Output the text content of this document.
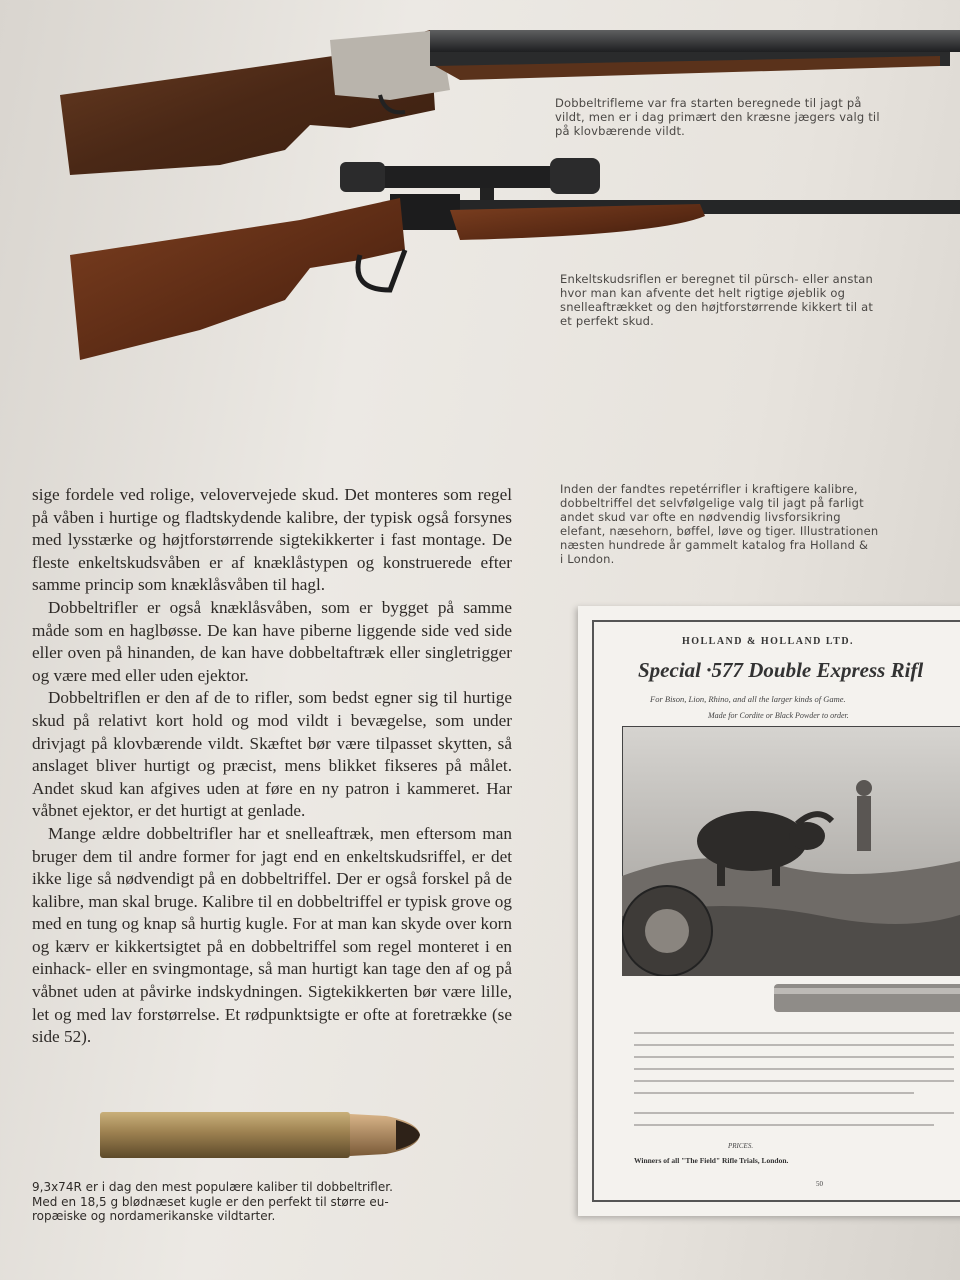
Dobbeltrifleme var fra starten beregnede til jagt på
vildt, men er i dag primært den kræsne jægers valg til
på klovbærende vildt.
Enkeltskudsriflen er beregnet til pürsch- eller anstan
hvor man kan afvente det helt rigtige øjeblik og
snelleaftrækket og den højtforstørrende kikkert til at
et perfekt skud.
Inden der fandtes repetérrifler i kraftigere kalibre,
dobbeltriffel det selvfølgelige valg til jagt på farligt
andet skud var ofte en nødvendig livsforsikring
elefant, næsehorn, bøffel, løve og tiger. Illustrationen
næsten hundrede år gammelt katalog fra Holland &
i London.

sige fordele ved rolige, velovervejede skud. Det monteres som regel på våben i hurtige og fladtskydende kalibre, der typisk også forsynes med lysstærke og højtforstørrende sigtekikkerter i fast montage. De fleste enkeltskudsvåben er af knæklåstypen og konstruerede efter samme princip som knæklåsvåben til hagl.

Dobbeltrifler er også knæklåsvåben, som er bygget på samme måde som en haglbøsse. De kan have piberne liggende side ved side eller oven på hinanden, de kan have dobbeltaftræk eller singletrigger og være med eller uden ejektor.

Dobbeltriflen er den af de to rifler, som bedst egner sig til hurtige skud på relativt kort hold og mod vildt i bevægelse, som under drivjagt på klovbærende vildt. Skæftet bør være tilpasset skytten, så anslaget bliver hurtigt og præcist, mens blikket fikseres på målet. Andet skud kan afgives uden at føre en ny patron i kammeret. Har våbnet ejektor, er det hurtigt at genlade.

Mange ældre dobbeltrifler har et snelleaftræk, men eftersom man bruger dem til andre former for jagt end en enkeltskudsriffel, er det ikke lige så nødvendigt på en dobbeltriffel. Der er også forskel på de kalibre, man skal bruge. Kalibre til en dobbeltriffel er typisk grove og med en tung og knap så hurtig kugle. For at man kan skyde over korn og kærv er kikkertsigtet på en dobbeltriffel som regel monteret i en einhack- eller en svingmontage, så man hurtigt kan tage den af og på våbnet uden at påvirke indskydningen. Sigtekikkerten bør være lille, let og med lav forstørrelse. Et rødpunktsigte er ofte at foretrække (se side 52).

9,3x74R er i dag den mest populære kaliber til dobbeltrifler.
Med en 18,5 g blødnæset kugle er den perfekt til større eu-
ropæiske og nordamerikanske vildtarter.
HOLLAND & HOLLAND LTD.
Special ·577 Double Express Rifl
For Bison, Lion, Rhino, and all the larger kinds of Game.
Made for Cordite or Black Powder to order.
PRICES.
Winners of all "The Field" Rifle Trials, London.
50
